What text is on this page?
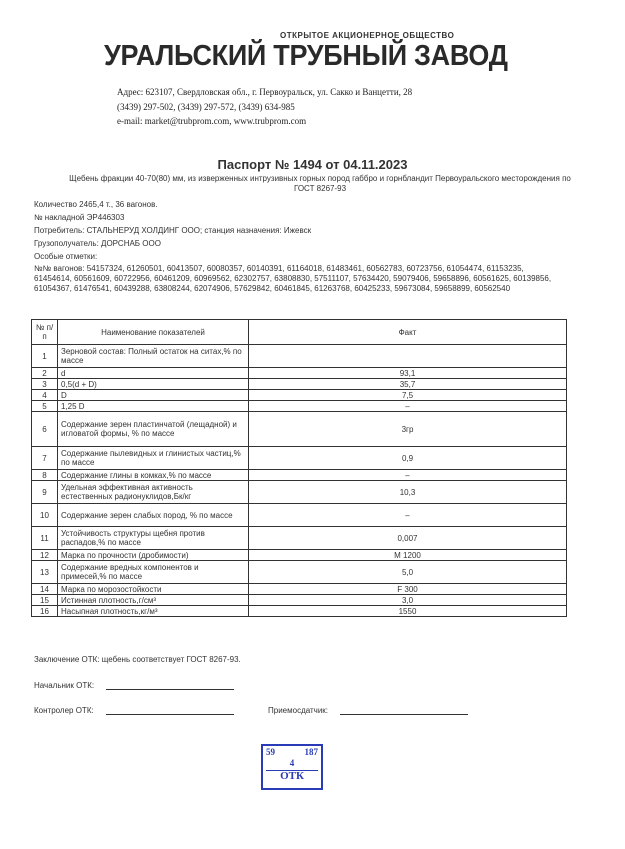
ОТКРЫТОЕ АКЦИОНЕРНОЕ ОБЩЕСТВО
УРАЛЬСКИЙ ТРУБНЫЙ ЗАВОД
Адрес: 623107, Свердловская обл., г. Первоуральск, ул. Сакко и Ванцетти, 28
(3439) 297-502, (3439) 297-572, (3439) 634-985
e-mail: market@trubprom.com, www.trubprom.com
Паспорт № 1494 от 04.11.2023
Щебень фракции 40-70(80) мм, из изверженных интрузивных горных пород габбро и горнбландит Первоуральского месторождения по ГОСТ 8267-93
Количество 2465,4 т., 36 вагонов.
№ накладной ЭР446303
Потребитель: СТАЛЬНЕРУД ХОЛДИНГ ООО; станция назначения: Ижевск
Грузополучатель: ДОРСНАБ ООО
Особые отметки:
№№ вагонов: 54157324, 61260501, 60413507, 60080357, 60140391, 61164018, 61483461, 60562783, 60723756, 61054474, 61153235, 61454614, 60561609, 60722956, 60461209, 60969562, 62302757, 63808830, 57511107, 57634420, 59079406, 59658896, 60561625, 60139856, 61054367, 61476541, 60439288, 63808244, 62074906, 57629842, 60461845, 61263768, 60425233, 59673084, 59658899, 60562540
№ п/п	Наименование показателей	Факт
1	Зерновой состав: Полный остаток на ситах,% по массе	
2	d	93,1
3	0,5(d + D)	35,7
4	D	7,5
5	1,25 D	–
6	Содержание зерен пластинчатой (лещадной) и игловатой формы, % по массе	3гр
7	Содержание пылевидных и глинистых частиц,% по массе	0,9
8	Содержание глины в комках,% по массе	–
9	Удельная эффективная активность естественных радионуклидов,Бк/кг	10,3
10	Содержание зерен слабых пород, % по массе	–
11	Устойчивость структуры щебня против распадов,% по массе	0,007
12	Марка по прочности (дробимости)	М 1200
13	Содержание вредных компонентов и примесей,% по массе	5,0
14	Марка по морозостойкости	F 300
15	Истинная плотность,г/см³	3,0
16	Насыпная плотность,кг/м³	1550
Заключение ОТК: щебень соответствует ГОСТ 8267-93.
Начальник ОТК:
Контролер ОТК:	Приемосдатчик:
59	187
4
ОТК
